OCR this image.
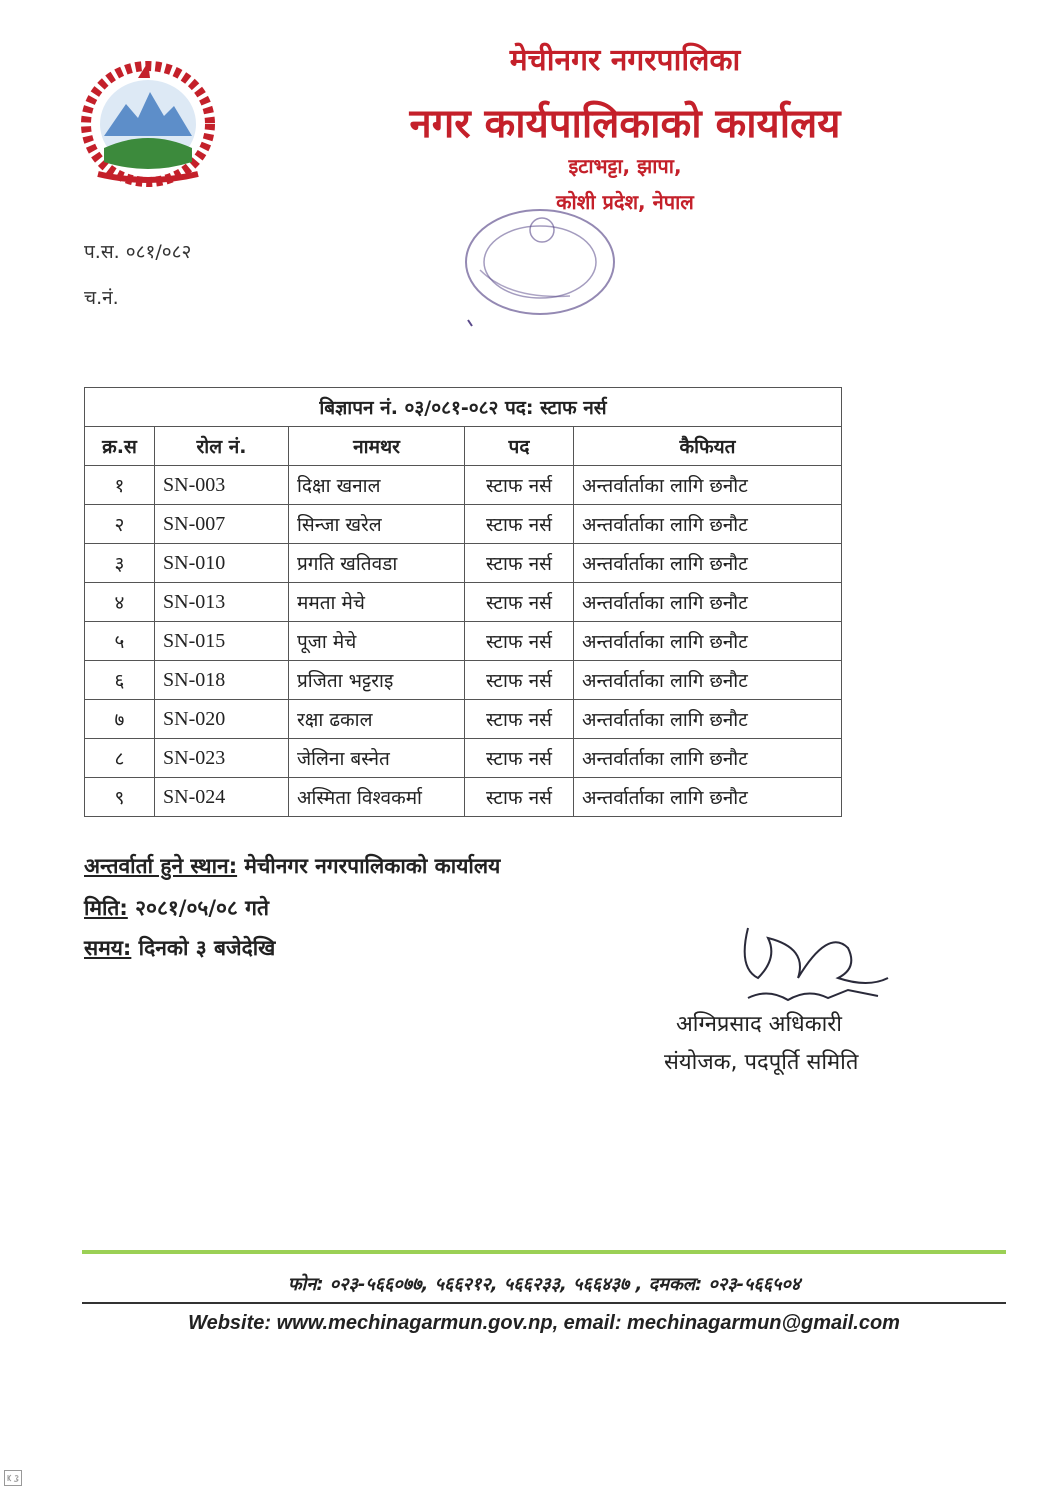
मेचीनगर नगरपालिका
नगर कार्यपालिकाको कार्यालय
इटाभट्टा, झापा,
कोशी प्रदेश, नेपाल
प.स. ०८१/०८२
च.नं.
बिज्ञापन नं. ०३/०८१-०८२ पद: स्टाफ नर्स				
क्र.स	रोल नं.	नामथर	पद	कैफियत
१	SN-003	दिक्षा खनाल	स्टाफ नर्स	अन्तर्वार्ताका लागि छनौट
२	SN-007	सिन्जा खरेल	स्टाफ नर्स	अन्तर्वार्ताका लागि छनौट
३	SN-010	प्रगति खतिवडा	स्टाफ नर्स	अन्तर्वार्ताका लागि छनौट
४	SN-013	ममता मेचे	स्टाफ नर्स	अन्तर्वार्ताका लागि छनौट
५	SN-015	पूजा मेचे	स्टाफ नर्स	अन्तर्वार्ताका लागि छनौट
६	SN-018	प्रजिता भट्टराइ	स्टाफ नर्स	अन्तर्वार्ताका लागि छनौट
७	SN-020	रक्षा ढकाल	स्टाफ नर्स	अन्तर्वार्ताका लागि छनौट
८	SN-023	जेलिना बस्नेत	स्टाफ नर्स	अन्तर्वार्ताका लागि छनौट
९	SN-024	अस्मिता विश्वकर्मा	स्टाफ नर्स	अन्तर्वार्ताका लागि छनौट
अन्तर्वार्ता हुने स्थान: मेचीनगर नगरपालिकाको कार्यालय
मिति: २०८१/०५/०८ गते
समय: दिनको ३ बजेदेखि
अग्निप्रसाद अधिकारी
संयोजक, पदपूर्ति समिति
फोन: ०२३-५६६०७७, ५६६२१२, ५६६२३३, ५६६४३७ , दमकल: ०२३-५६६५०४
Website: www.mechinagarmun.gov.np, email: mechinagarmun@gmail.com
